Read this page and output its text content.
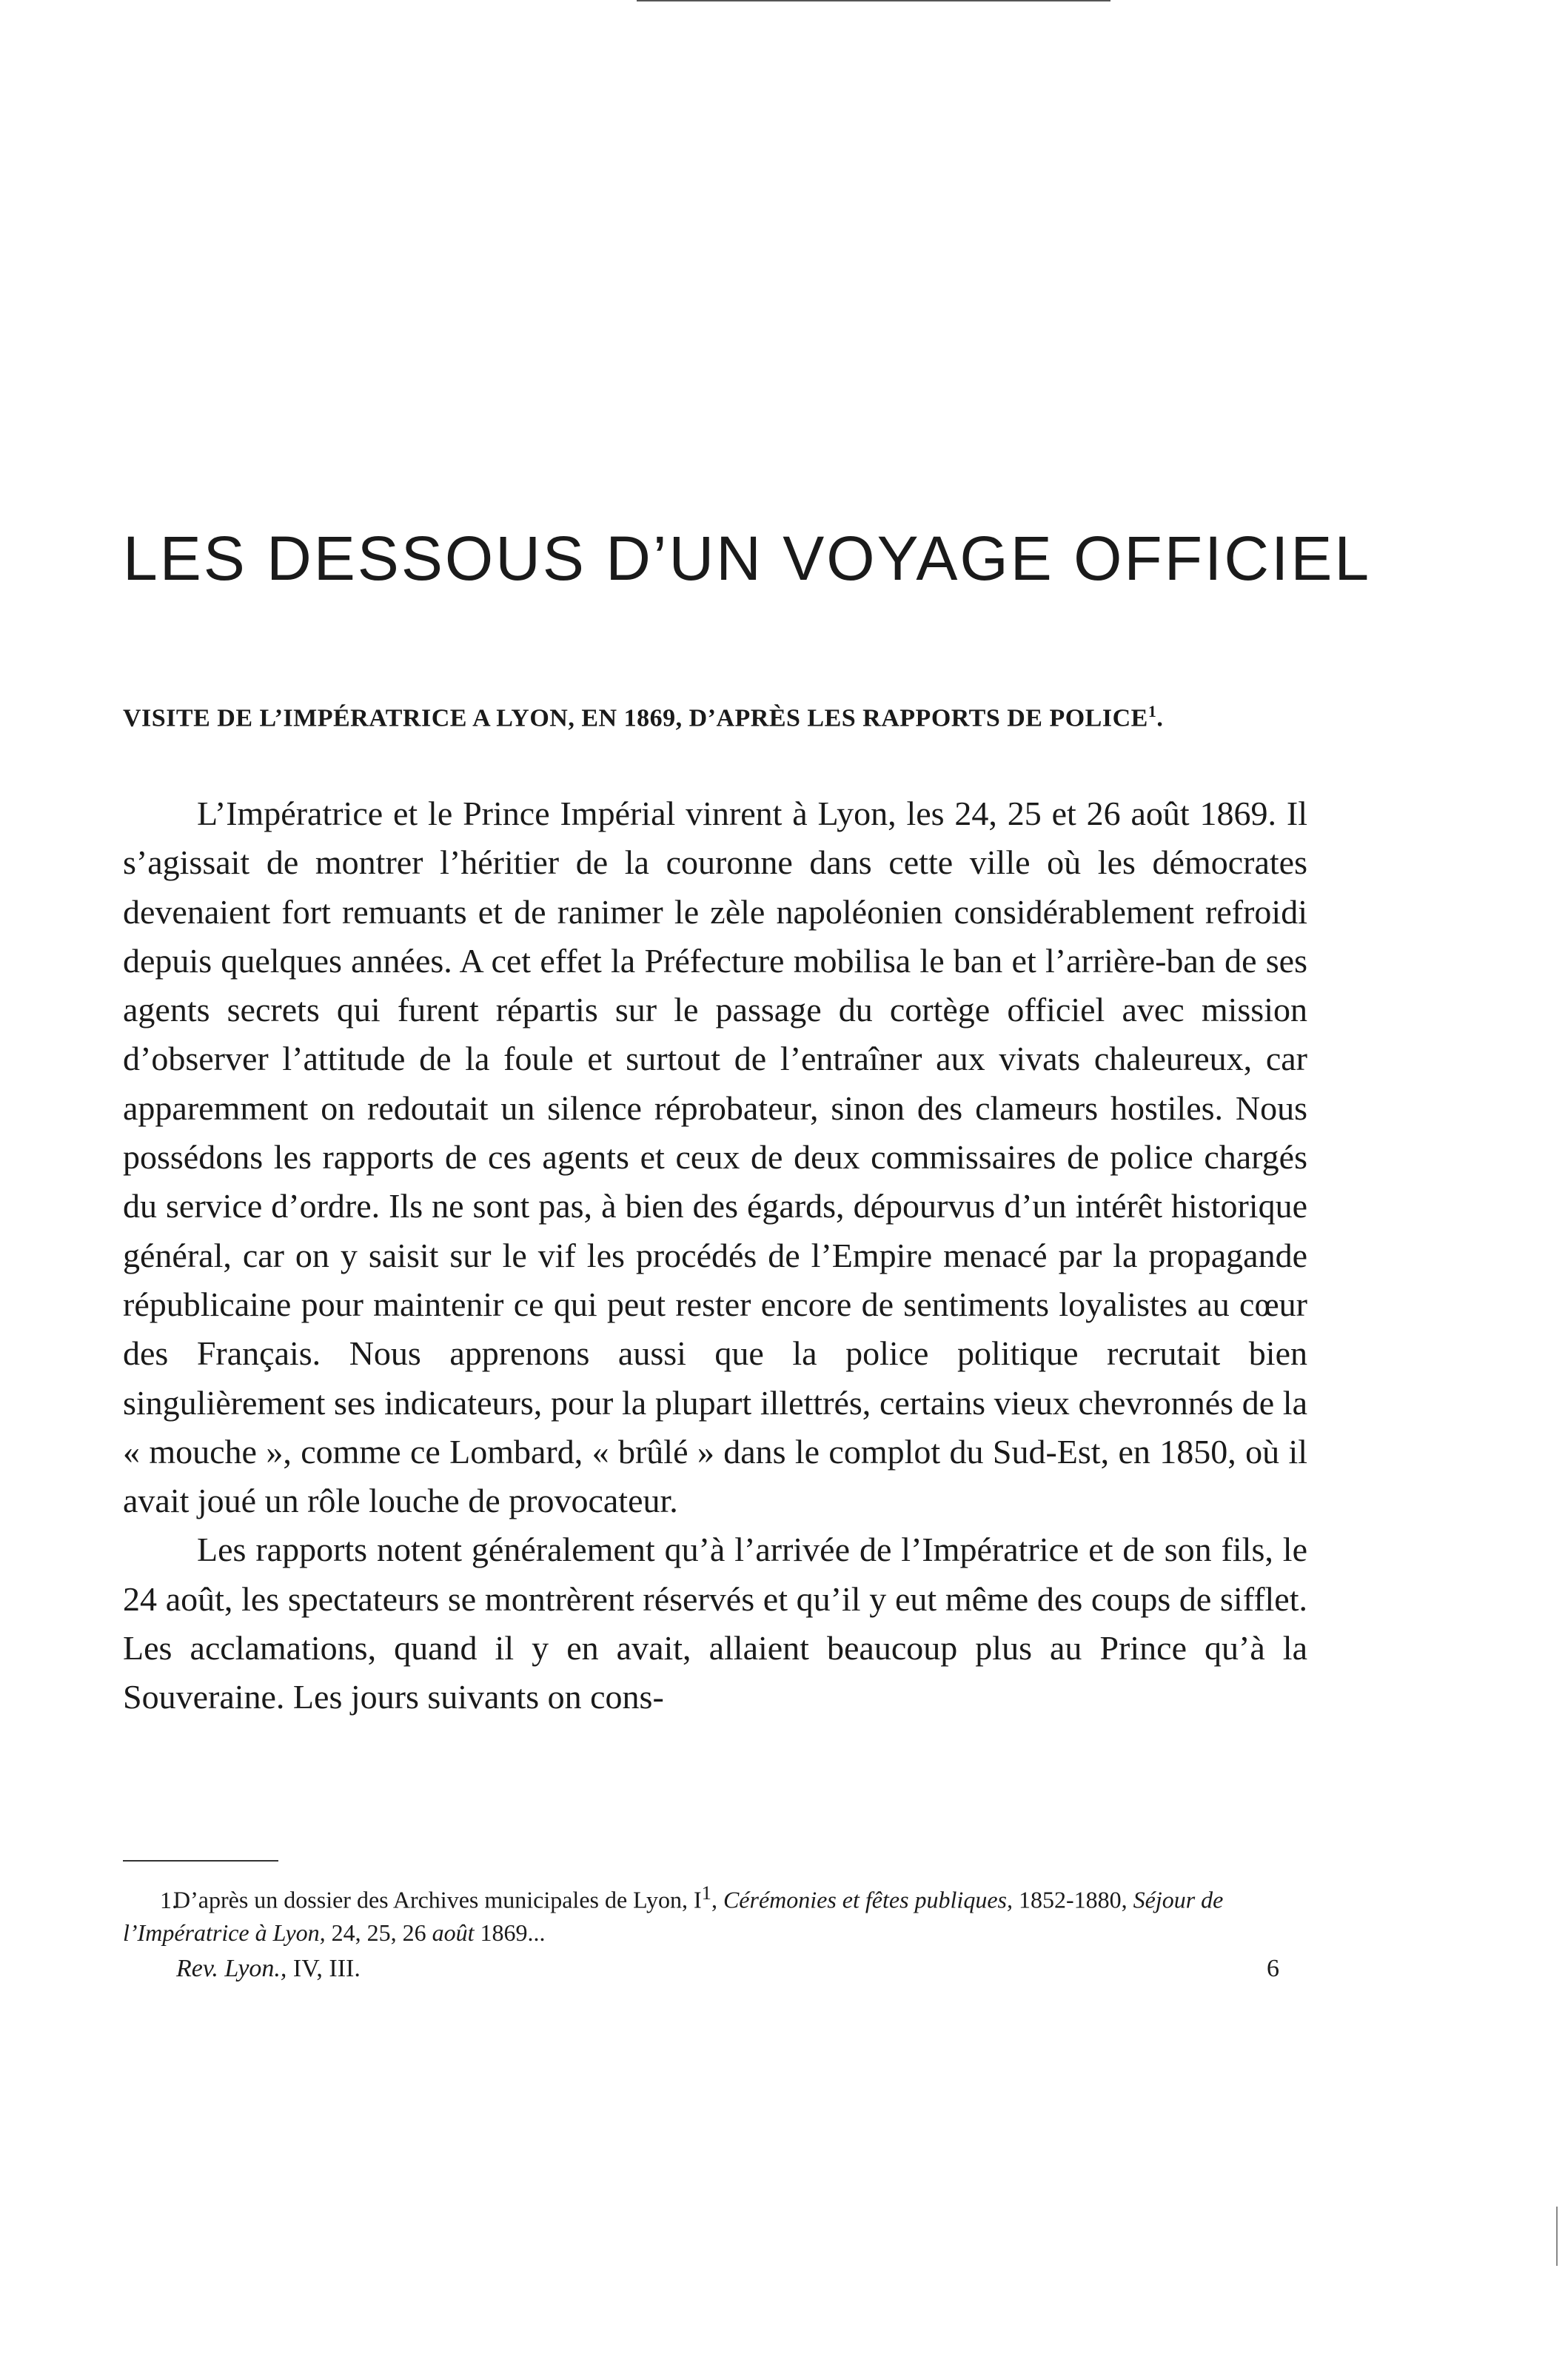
LES DESSOUS D’UN VOYAGE OFFICIEL
VISITE DE L’IMPÉRATRICE A LYON, EN 1869, D’APRÈS LES RAPPORTS DE POLICE$^1$.

L’Impératrice et le Prince Impérial vinrent à Lyon, les 24, 25 et 26 août 1869. Il s’agissait de montrer l’héritier de la couronne dans cette ville où les démocrates devenaient fort remuants et de ranimer le zèle napoléonien considérablement refroidi depuis quelques années. A cet effet la Préfecture mobilisa le ban et l’arrière-ban de ses agents secrets qui furent répartis sur le passage du cortège officiel avec mission d’observer l’attitude de la foule et surtout de l’entraîner aux vivats chaleureux, car apparemment on redoutait un silence réprobateur, sinon des clameurs hostiles. Nous possédons les rapports de ces agents et ceux de deux commissaires de police chargés du service d’ordre. Ils ne sont pas, à bien des égards, dépourvus d’un intérêt historique général, car on y saisit sur le vif les procédés de l’Empire menacé par la propagande républicaine pour maintenir ce qui peut rester encore de sentiments loyalistes au cœur des Français. Nous apprenons aussi que la police politique recrutait bien singulièrement ses indicateurs, pour la plupart illettrés, certains vieux chevronnés de la « mouche », comme ce Lombard, « brûlé » dans le complot du Sud-Est, en 1850, où il avait joué un rôle louche de provocateur.

Les rapports notent généralement qu’à l’arrivée de l’Impératrice et de son fils, le 24 août, les spectateurs se montrèrent réservés et qu’il y eut même des coups de sifflet. Les acclamations, quand il y en avait, allaient beaucoup plus au Prince qu’à la Souveraine. Les jours suivants on cons-

1. D’après un dossier des Archives municipales de Lyon, $I^1$, Cérémonies et fêtes publiques, 1852-1880, Séjour de l’Impératrice à Lyon, 24, 25, 26 août 1869...
Rev. Lyon., IV, III.	6
